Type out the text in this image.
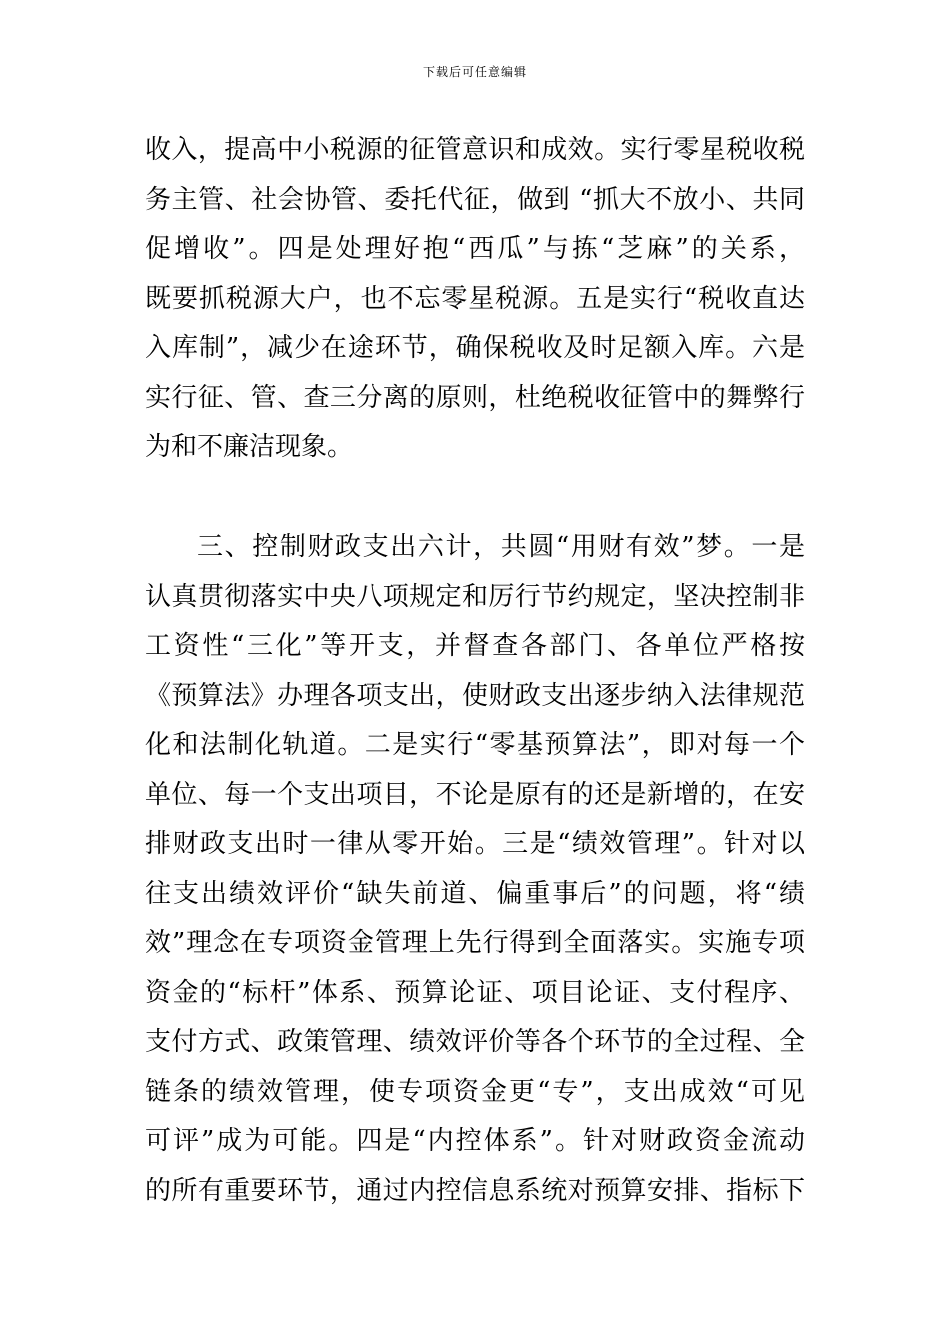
下载后可任意编辑
收入，提高中小税源的征管意识和成效。实行零星税收税
务主管、社会协管、委托代征，做到 “抓大不放小、共同
促增收”。四是处理好抱“西瓜”与拣“芝麻”的关系，
既要抓税源大户，也不忘零星税源。五是实行“税收直达
入库制”，减少在途环节，确保税收及时足额入库。六是
实行征、管、查三分离的原则，杜绝税收征管中的舞弊行
为和不廉洁现象。
三、控制财政支出六计，共圆“用财有效”梦。一是
认真贯彻落实中央八项规定和厉行节约规定，坚决控制非
工资性“三化”等开支，并督查各部门、各单位严格按
《预算法》办理各项支出，使财政支出逐步纳入法律规范
化和法制化轨道。二是实行“零基预算法”，即对每一个
单位、每一个支出项目，不论是原有的还是新增的，在安
排财政支出时一律从零开始。三是“绩效管理”。针对以
往支出绩效评价“缺失前道、偏重事后”的问题，将“绩
效”理念在专项资金管理上先行得到全面落实。实施专项
资金的“标杆”体系、预算论证、项目论证、支付程序、
支付方式、政策管理、绩效评价等各个环节的全过程、全
链条的绩效管理，使专项资金更“专”，支出成效“可见
可评”成为可能。四是“内控体系”。针对财政资金流动
的所有重要环节，通过内控信息系统对预算安排、指标下
